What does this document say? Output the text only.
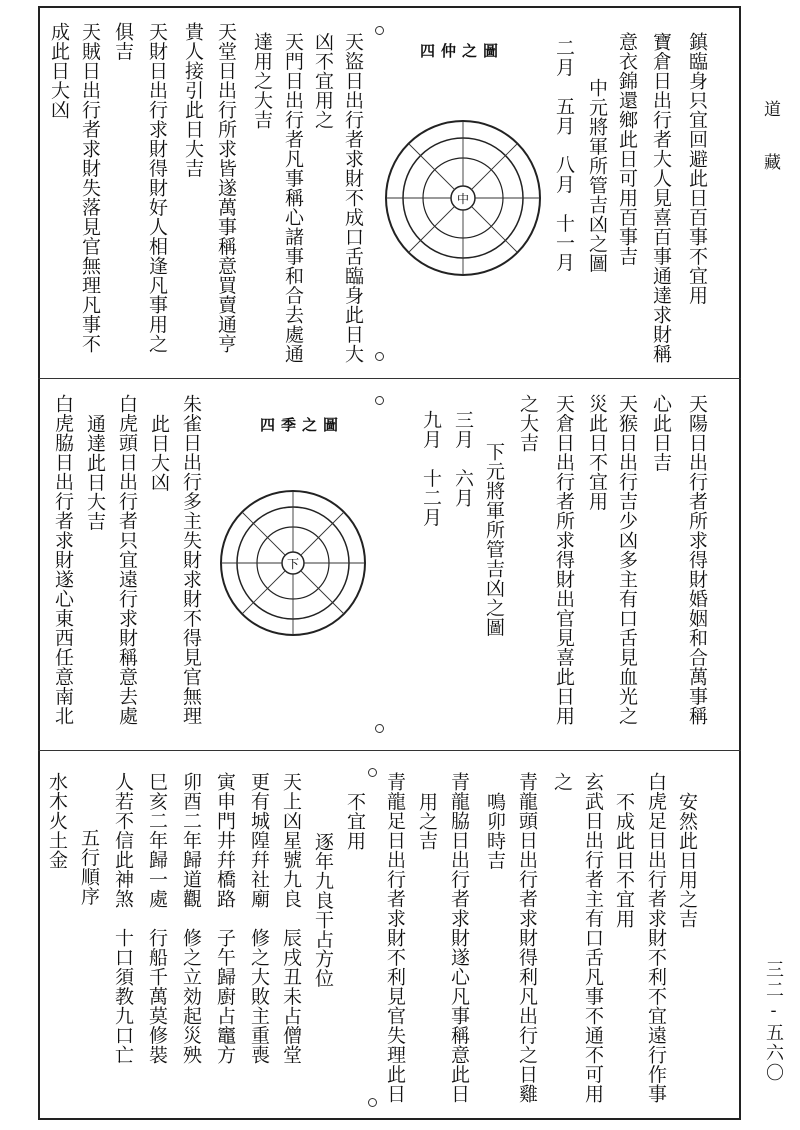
道 藏
三二-五六〇
鎮臨身只宜回避此日百事不宜用
寶倉日出行者大人見喜百事通達求財稱
意衣錦還鄉此日可用百事吉
中元將軍所管吉凶之圖
二月　五月　八月　十一月
四仲之圖
中
天盜日出行者求財不成口舌臨身此日大
凶不宜用之
天門日出行者凡事稱心諸事和合去處通
達用之大吉
天堂日出行所求皆遂萬事稱意買賣通亨
貴人接引此日大吉
天財日出行求財得財好人相逢凡事用之
俱吉
天賊日出行者求財失落見官無理凡事不
成此日大凶
天陽日出行者所求得財婚姻和合萬事稱
心此日吉
天猴日出行吉少凶多主有口舌見血光之
災此日不宜用
天倉日出行者所求得財出官見喜此日用
之大吉
下元將軍所管吉凶之圖
三月　六月
九月　十二月
四季之圖
下
朱雀日出行多主失財求財不得見官無理
此日大凶
白虎頭日出行者只宜遠行求財稱意去處
通達此日大吉
白虎脇日出行者求財遂心東西任意南北
安然此日用之吉
白虎足日出行者求財不利不宜遠行作事
不成此日不宜用
玄武日出行者主有口舌凡事不通不可用
之
青龍頭日出行者求財得利凡出行之日雞
鳴卯時吉
青龍脇日出行者求財遂心凡事稱意此日
用之吉
青龍足日出行者求財不利見官失理此日
不宜用
逐年九良干占方位
天上凶星號九良　辰戌丑未占僧堂
更有城隍幷社廟　修之大敗主重喪
寅申門井幷橋路　子午歸廚占竈方
卯酉二年歸道觀　修之立効起災殃
巳亥二年歸一處　行船千萬莫修裝
人若不信此神煞　十口須教九口亡
五行順序
水木火土金
